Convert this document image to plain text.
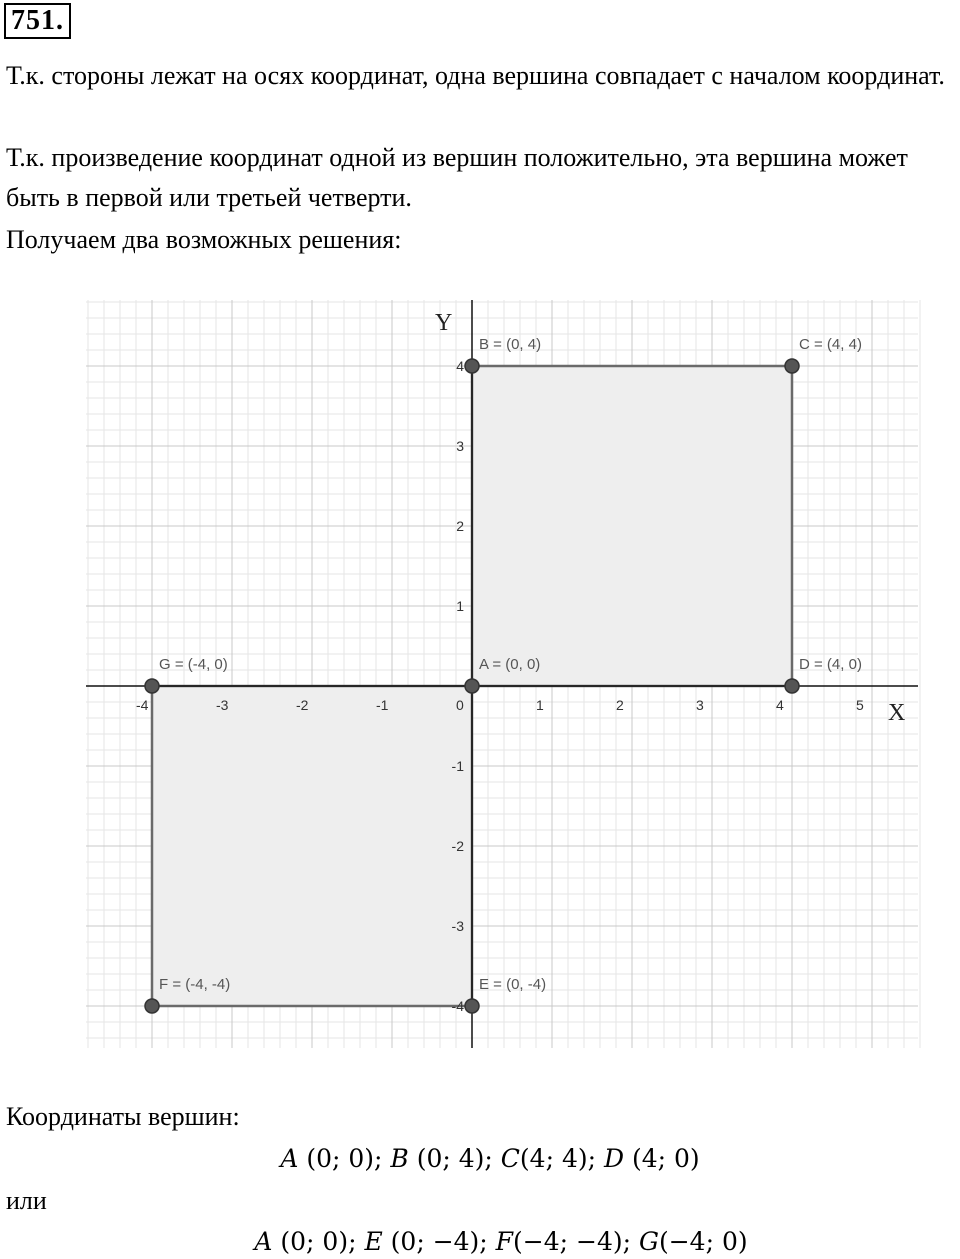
751.

Т.к. стороны лежат на осях координат, одна вершина совпадает с началом координат.

Т.к. произведение координат одной из вершин положительно, эта вершина может быть в первой или третьей четверти.

Получаем два возможных решения:

-4	-3	-2	-1	0	1	2	3	4	5
-4
-3
-2
-1
1
2
3
4
X
Y
A = (0, 0)
B = (0, 4)	C = (4, 4)
D = (4, 0)
E = (0, -4)
F = (-4, -4)
G = (-4, 0)

Координаты вершин:

A (0; 0); B (0; 4); C(4; 4); D (4; 0)

или

A (0; 0); E (0; −4); F(−4; −4); G(−4; 0)
